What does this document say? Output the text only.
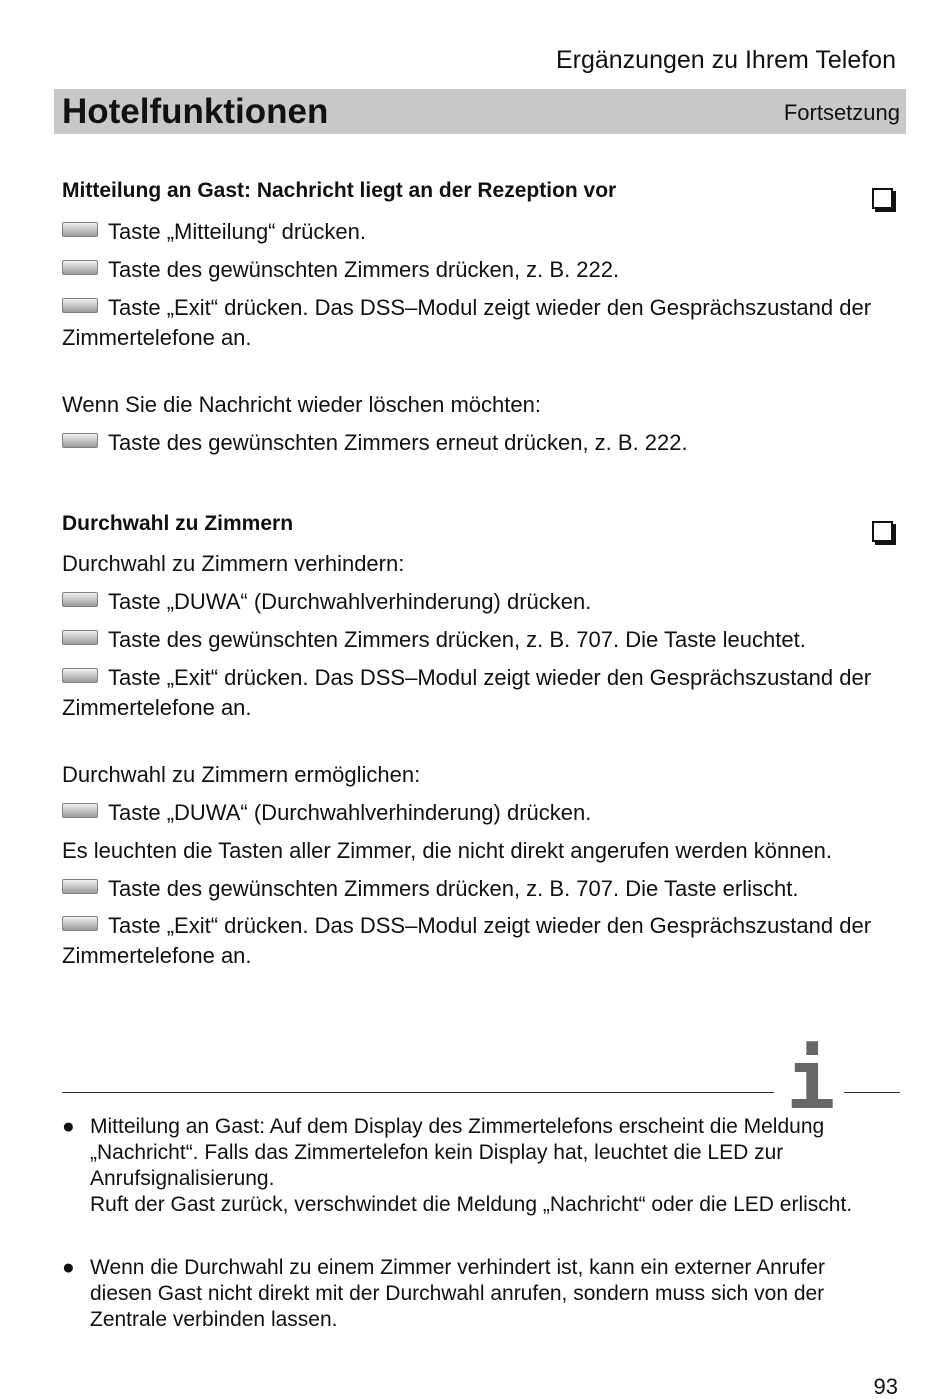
Ergänzungen zu Ihrem Telefon
Hotelfunktionen	Fortsetzung
Mitteilung an Gast: Nachricht liegt an der Rezeption vor
Taste „Mitteilung“ drücken.
Taste des gewünschten Zimmers drücken, z. B. 222.
Taste „Exit“ drücken. Das DSS–Modul zeigt wieder den Gesprächszustand der Zimmertelefone an.
Wenn Sie die Nachricht wieder löschen möchten:
Taste des gewünschten Zimmers erneut drücken, z. B. 222.
Durchwahl zu Zimmern
Durchwahl zu Zimmern verhindern:
Taste „DUWA“ (Durchwahlverhinderung) drücken.
Taste des gewünschten Zimmers drücken, z. B. 707. Die Taste leuchtet.
Taste „Exit“ drücken. Das DSS–Modul zeigt wieder den Gesprächszustand der Zimmertelefone an.
Durchwahl zu Zimmern ermöglichen:
Taste „DUWA“ (Durchwahlverhinderung) drücken.
Es leuchten die Tasten aller Zimmer, die nicht direkt angerufen werden können.
Taste des gewünschten Zimmers drücken, z. B. 707. Die Taste erlischt.
Taste „Exit“ drücken. Das DSS–Modul zeigt wieder den Gesprächszustand der Zimmertelefone an.
i
● Mitteilung an Gast: Auf dem Display des Zimmertelefons erscheint die Meldung „Nachricht“. Falls das Zimmertelefon kein Display hat, leuchtet die LED zur Anrufsignalisierung.
Ruft der Gast zurück, verschwindet die Meldung „Nachricht“ oder die LED erlischt.
● Wenn die Durchwahl zu einem Zimmer verhindert ist, kann ein externer Anrufer diesen Gast nicht direkt mit der Durchwahl anrufen, sondern muss sich von der Zentrale verbinden lassen.
93
